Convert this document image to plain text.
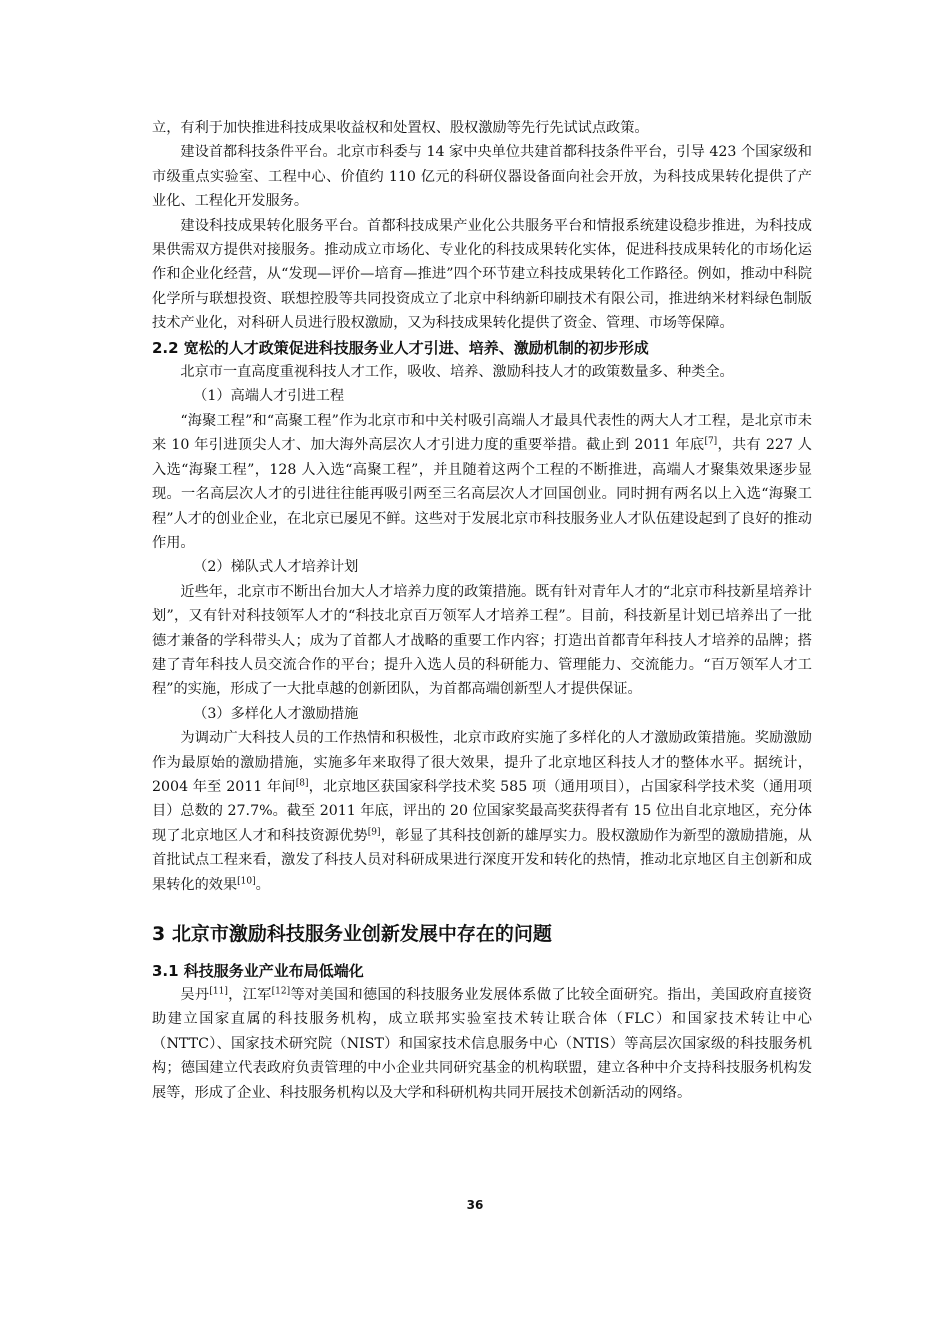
立，有利于加快推进科技成果收益权和处置权、股权激励等先行先试试点政策。

建设首都科技条件平台。北京市科委与 14 家中央单位共建首都科技条件平台，引导 423 个国家级和市级重点实验室、工程中心、价值约 110 亿元的科研仪器设备面向社会开放，为科技成果转化提供了产业化、工程化开发服务。

建设科技成果转化服务平台。首都科技成果产业化公共服务平台和情报系统建设稳步推进，为科技成果供需双方提供对接服务。推动成立市场化、专业化的科技成果转化实体，促进科技成果转化的市场化运作和企业化经营，从“发现—评价—培育—推进”四个环节建立科技成果转化工作路径。例如，推动中科院化学所与联想投资、联想控股等共同投资成立了北京中科纳新印刷技术有限公司，推进纳米材料绿色制版技术产业化，对科研人员进行股权激励，又为科技成果转化提供了资金、管理、市场等保障。

2.2 宽松的人才政策促进科技服务业人才引进、培养、激励机制的初步形成

北京市一直高度重视科技人才工作，吸收、培养、激励科技人才的政策数量多、种类全。

（1）高端人才引进工程

“海聚工程”和“高聚工程”作为北京市和中关村吸引高端人才最具代表性的两大人才工程，是北京市未来 10 年引进顶尖人才、加大海外高层次人才引进力度的重要举措。截止到 2011 年底[7]，共有 227 人入选“海聚工程”，128 人入选“高聚工程”，并且随着这两个工程的不断推进，高端人才聚集效果逐步显现。一名高层次人才的引进往往能再吸引两至三名高层次人才回国创业。同时拥有两名以上入选“海聚工程”人才的创业企业，在北京已屡见不鲜。这些对于发展北京市科技服务业人才队伍建设起到了良好的推动作用。

（2）梯队式人才培养计划

近些年，北京市不断出台加大人才培养力度的政策措施。既有针对青年人才的“北京市科技新星培养计划”，又有针对科技领军人才的“科技北京百万领军人才培养工程”。目前，科技新星计划已培养出了一批德才兼备的学科带头人；成为了首都人才战略的重要工作内容；打造出首都青年科技人才培养的品牌；搭建了青年科技人员交流合作的平台；提升入选人员的科研能力、管理能力、交流能力。“百万领军人才工程”的实施，形成了一大批卓越的创新团队，为首都高端创新型人才提供保证。

（3）多样化人才激励措施

为调动广大科技人员的工作热情和积极性，北京市政府实施了多样化的人才激励政策措施。奖励激励作为最原始的激励措施，实施多年来取得了很大效果，提升了北京地区科技人才的整体水平。据统计，2004 年至 2011 年间[8]，北京地区获国家科学技术奖 585 项（通用项目），占国家科学技术奖（通用项目）总数的 27.7%。截至 2011 年底，评出的 20 位国家奖最高奖获得者有 15 位出自北京地区，充分体现了北京地区人才和科技资源优势[9]，彰显了其科技创新的雄厚实力。股权激励作为新型的激励措施，从首批试点工程来看，激发了科技人员对科研成果进行深度开发和转化的热情，推动北京地区自主创新和成果转化的效果[10]。

3 北京市激励科技服务业创新发展中存在的问题

3.1 科技服务业产业布局低端化

吴丹[11]，江军[12]等对美国和德国的科技服务业发展体系做了比较全面研究。指出，美国政府直接资助建立国家直属的科技服务机构，成立联邦实验室技术转让联合体（FLC）和国家技术转让中心（NTTC）、国家技术研究院（NIST）和国家技术信息服务中心（NTIS）等高层次国家级的科技服务机构；德国建立代表政府负责管理的中小企业共同研究基金的机构联盟，建立各种中介支持科技服务机构发展等，形成了企业、科技服务机构以及大学和科研机构共同开展技术创新活动的网络。

36
